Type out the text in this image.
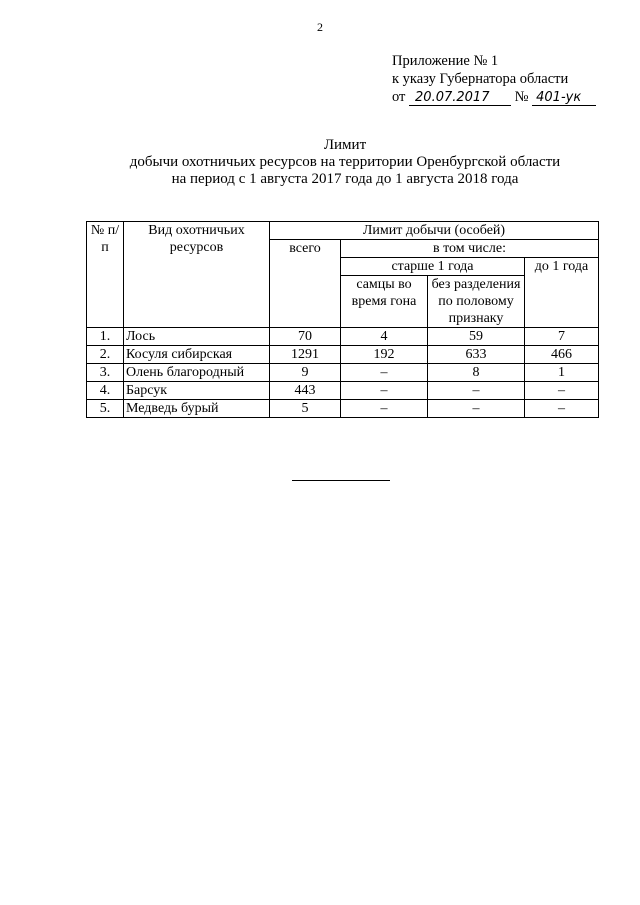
2
Приложение № 1
к указу Губернатора области
от 20.07.2017 № 401-ук
Лимит
добычи охотничьих ресурсов на территории Оренбургской области
на период с 1 августа 2017 года до 1 августа 2018 года
№ п/п	Вид охотничьих ресурсов	Лимит добычи (особей)			
		всего	в том числе:		
			старше 1 года		до 1 года
			самцы во время гона	без разделения по половому признаку	
1.	Лось	70	4	59	7
2.	Косуля сибирская	1291	192	633	466
3.	Олень благородный	9	–	8	1
4.	Барсук	443	–	–	–
5.	Медведь бурый	5	–	–	–
